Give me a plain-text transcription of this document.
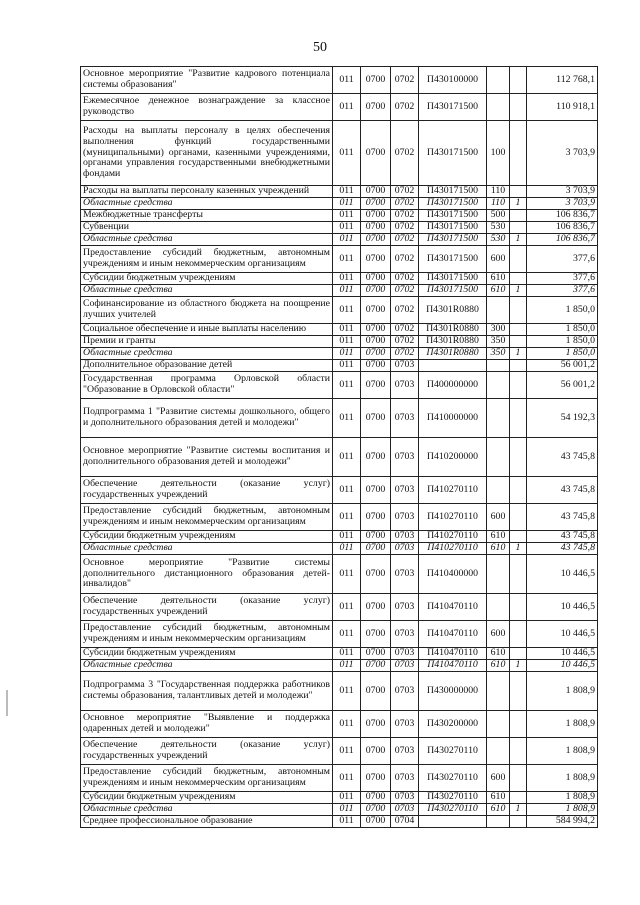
50
Основное мероприятие "Развитие кадрового потенциала системы образования"	011	0700	0702	П430100000			112 768,1
Ежемесячное денежное вознаграждение за классное руководство	011	0700	0702	П430171500			110 918,1
Расходы на выплаты персоналу в целях обеспечения выполнения функций государственными (муниципальными) органами, казенными учреждениями, органами управления государственными внебюджетными фондами	011	0700	0702	П430171500	100		3 703,9
Расходы на выплаты персоналу казенных учреждений	011	0700	0702	П430171500	110		3 703,9
Областные средства	011	0700	0702	П430171500	110	1	3 703,9
Межбюджетные трансферты	011	0700	0702	П430171500	500		106 836,7
Субвенции	011	0700	0702	П430171500	530		106 836,7
Областные средства	011	0700	0702	П430171500	530	1	106 836,7
Предоставление субсидий бюджетным, автономным учреждениям и иным некоммерческим организациям	011	0700	0702	П430171500	600		377,6
Субсидии бюджетным учреждениям	011	0700	0702	П430171500	610		377,6
Областные средства	011	0700	0702	П430171500	610	1	377,6
Софинансирование из областного бюджета на поощрение лучших учителей	011	0700	0702	П4301R0880			1 850,0
Социальное обеспечение и иные выплаты населению	011	0700	0702	П4301R0880	300		1 850,0
Премии и гранты	011	0700	0702	П4301R0880	350		1 850,0
Областные средства	011	0700	0702	П4301R0880	350	1	1 850,0
Дополнительное образование детей	011	0700	0703				56 001,2
Государственная программа Орловской области "Образование в Орловской области"	011	0700	0703	П400000000			56 001,2
Подпрограмма 1 "Развитие системы дошкольного, общего и дополнительного образования детей и молодежи"	011	0700	0703	П410000000			54 192,3
Основное мероприятие "Развитие системы воспитания и дополнительного образования детей и молодежи"	011	0700	0703	П410200000			43 745,8
Обеспечение деятельности (оказание услуг) государственных учреждений	011	0700	0703	П410270110			43 745,8
Предоставление субсидий бюджетным, автономным учреждениям и иным некоммерческим организациям	011	0700	0703	П410270110	600		43 745,8
Субсидии бюджетным учреждениям	011	0700	0703	П410270110	610		43 745,8
Областные средства	011	0700	0703	П410270110	610	1	43 745,8
Основное мероприятие "Развитие системы дополнительного дистанционного образования детей-инвалидов"	011	0700	0703	П410400000			10 446,5
Обеспечение деятельности (оказание услуг) государственных учреждений	011	0700	0703	П410470110			10 446,5
Предоставление субсидий бюджетным, автономным учреждениям и иным некоммерческим организациям	011	0700	0703	П410470110	600		10 446,5
Субсидии бюджетным учреждениям	011	0700	0703	П410470110	610		10 446,5
Областные средства	011	0700	0703	П410470110	610	1	10 446,5
Подпрограмма 3 "Государственная поддержка работников системы образования, талантливых детей и молодежи"	011	0700	0703	П430000000			1 808,9
Основное мероприятие "Выявление и поддержка одаренных детей и молодежи"	011	0700	0703	П430200000			1 808,9
Обеспечение деятельности (оказание услуг) государственных учреждений	011	0700	0703	П430270110			1 808,9
Предоставление субсидий бюджетным, автономным учреждениям и иным некоммерческим организациям	011	0700	0703	П430270110	600		1 808,9
Субсидии бюджетным учреждениям	011	0700	0703	П430270110	610		1 808,9
Областные средства	011	0700	0703	П430270110	610	1	1 808,9
Среднее профессиональное образование	011	0700	0704				584 994,2
